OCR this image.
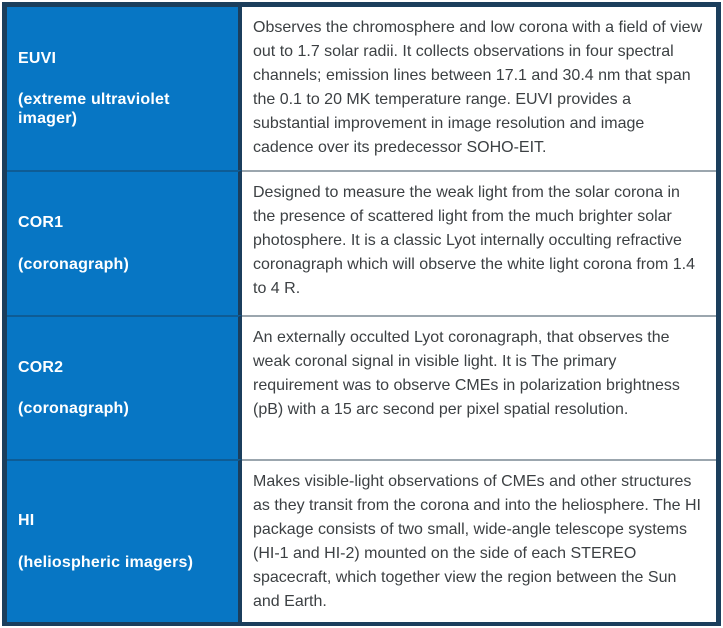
EUVI
(extreme ultraviolet imager)
Observes the chromosphere and low corona with a field of view out to 1.7 solar radii. It collects observations in four spectral channels; emission lines between 17.1 and 30.4 nm that span the 0.1 to 20 MK temperature range. EUVI provides a substantial improvement in image resolution and image cadence over its predecessor SOHO-EIT.
COR1
(coronagraph)
Designed to measure the weak light from the solar corona in the presence of scattered light from the much brighter solar photosphere. It is a classic Lyot internally occulting refractive coronagraph which will observe the white light corona from 1.4 to 4 R.
COR2
(coronagraph)
An externally occulted Lyot coronagraph, that observes the weak coronal signal in visible light. It is The primary requirement was to observe CMEs in polarization brightness (pB) with a 15 arc second per pixel spatial resolution.
HI
(heliospheric imagers)
Makes visible-light observations of CMEs and other structures as they transit from the corona and into the heliosphere. The HI package consists of two small, wide-angle telescope systems (HI-1 and HI-2) mounted on the side of each STEREO spacecraft, which together view the region between the Sun and Earth.
